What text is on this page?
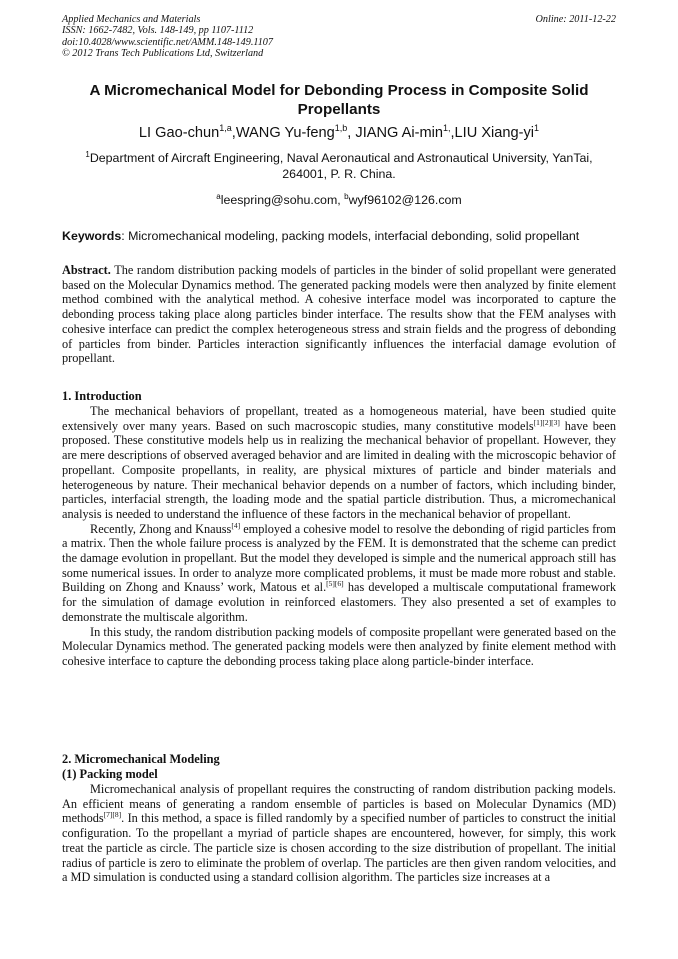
Applied Mechanics and Materials
ISSN: 1662-7482, Vols. 148-149, pp 1107-1112
doi:10.4028/www.scientific.net/AMM.148-149.1107
© 2012 Trans Tech Publications Ltd, Switzerland
Online: 2011-12-22
A Micromechanical Model for Debonding Process in Composite Solid Propellants
LI Gao-chun$^{1,a}$,WANG Yu-feng$^{1,b}$, JIANG $Ai-\min^{1,},LIU$ Xiang-$yi^1$
$^1$Department of Aircraft Engineering, Naval Aeronautical and Astronautical University, YanTai, 264001, P. R. China.
$^a$leespring@sohu.com, $^b$wyf96102@126.com
Keywords: Micromechanical modeling, packing models, interfacial debonding, solid propellant

Abstract. The random distribution packing models of particles in the binder of solid propellant were generated based on the Molecular Dynamics method. The generated packing models were then analyzed by finite element method combined with the analytical method. A cohesive interface model was incorporated to capture the debonding process taking place along particles binder interface. The results show that the FEM analyses with cohesive interface can predict the complex heterogeneous stress and strain fields and the progress of debonding of particles from binder. Particles interaction significantly influences the interfacial damage evolution of propellant.

1. Introduction

The mechanical behaviors of propellant, treated as a homogeneous material, have been studied quite extensively over many years. Based on such macroscopic studies, many constitutive models[1][2][3] have been proposed. These constitutive models help us in realizing the mechanical behavior of propellant. However, they are mere descriptions of observed averaged behavior and are limited in dealing with the microscopic behavior of propellant. Composite propellants, in reality, are physical mixtures of particle and binder materials and heterogeneous by nature. Their mechanical behavior depends on a number of factors, which including binder, particles, interfacial strength, the loading mode and the spatial particle distribution. Thus, a micromechanical analysis is needed to understand the influence of these factors in the mechanical behavior of propellant.

Recently, Zhong and Knauss[4] employed a cohesive model to resolve the debonding of rigid particles from a matrix. Then the whole failure process is analyzed by the FEM. It is demonstrated that the scheme can predict the damage evolution in propellant. But the model they developed is simple and the numerical approach still has some numerical issues. In order to analyze more complicated problems, it must be made more robust and stable. Building on Zhong and Knauss’ work, Matous et al.[5][6] has developed a multiscale computational framework for the simulation of damage evolution in reinforced elastomers. They also presented a set of examples to demonstrate the multiscale algorithm.

In this study, the random distribution packing models of composite propellant were generated based on the Molecular Dynamics method. The generated packing models were then analyzed by finite element method with cohesive interface to capture the debonding process taking place along particle-binder interface.

2. Micromechanical Modeling
(1) Packing model

Micromechanical analysis of propellant requires the constructing of random distribution packing models. An efficient means of generating a random ensemble of particles is based on Molecular Dynamics (MD) methods[7][8]. In this method, a space is filled randomly by a specified number of particles to construct the initial configuration. To the propellant a myriad of particle shapes are encountered, however, for simply, this work treat the particle as circle. The particle size is chosen according to the size distribution of propellant. The initial radius of particle is zero to eliminate the problem of overlap. The particles are then given random velocities, and a MD simulation is conducted using a standard collision algorithm. The particles size increases at a
